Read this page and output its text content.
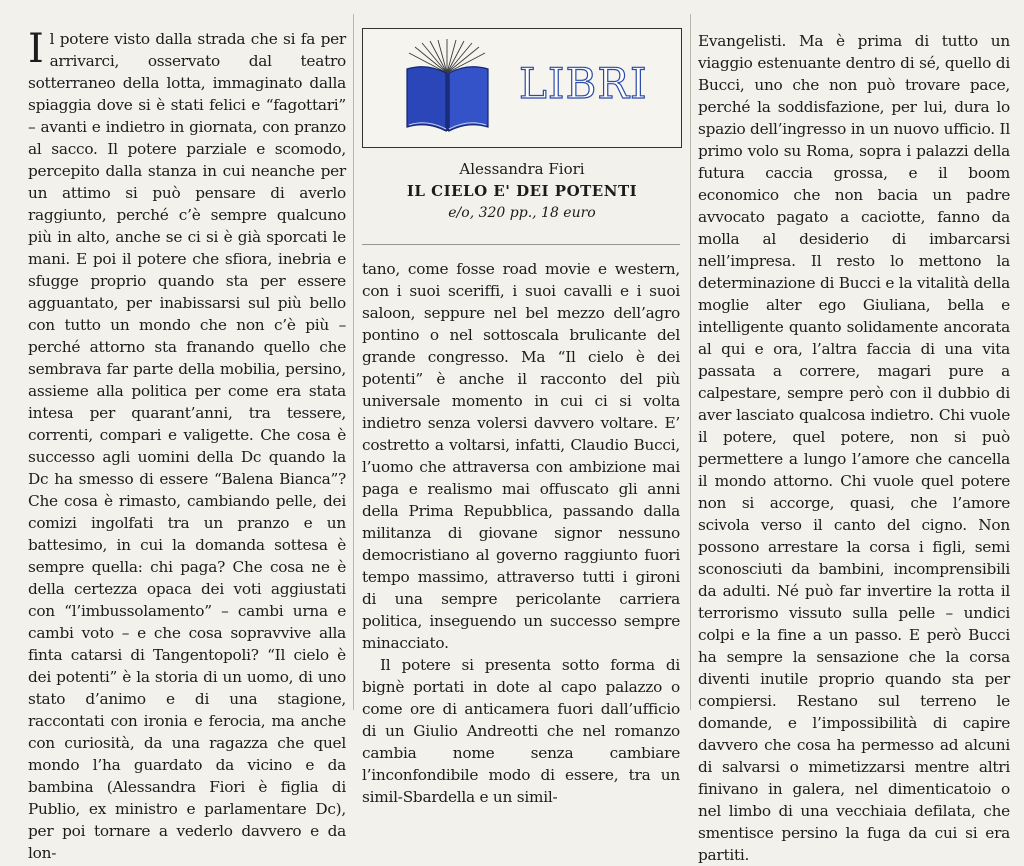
Il potere visto dalla strada che si fa per arrivarci, osservato dal teatro sotterraneo della lotta, immaginato dalla spiaggia dove si è stati felici e “fagottari” – avanti e indietro in giornata, con pranzo al sacco. Il potere parziale e scomodo, percepito dalla stanza in cui neanche per un attimo si può pensare di averlo raggiunto, perché c’è sempre qualcuno più in alto, anche se ci si è già sporcati le mani. E poi il potere che sfiora, inebria e sfugge proprio quando sta per essere agguantato, per inabissarsi sul più bello con tutto un mondo che non c’è più – perché attorno sta franando quello che sembrava far parte della mobilia, persino, assieme alla politica per come era stata intesa per quarant’anni, tra tessere, correnti, compari e valigette. Che cosa è successo agli uomini della Dc quando la Dc ha smesso di essere “Balena Bianca”? Che cosa è rimasto, cambiando pelle, dei comizi ingolfati tra un pranzo e un battesimo, in cui la domanda sottesa è sempre quella: chi paga? Che cosa ne è della certezza opaca dei voti aggiustati con “l’imbussolamento” – cambi urna e cambi voto – e che cosa sopravvive alla finta catarsi di Tangentopoli? “Il cielo è dei potenti” è la storia di un uomo, di uno stato d’animo e di una stagione, raccontati con ironia e ferocia, ma anche con curiosità, da una ragazza che quel mondo l’ha guardato da vicino e da bambina (Alessandra Fiori è figlia di Publio, ex ministro e parlamentare Dc), per poi tornare a vederlo davvero e da lon-

LIBRI
Alessandra Fiori
IL CIELO E' DEI POTENTI
e/o, 320 pp., 18 euro

tano, come fosse road movie e western, con i suoi sceriffi, i suoi cavalli e i suoi saloon, seppure nel bel mezzo dell’agro pontino o nel sottoscala brulicante del grande congresso. Ma “Il cielo è dei potenti” è anche il racconto del più universale momento in cui ci si volta indietro senza volersi davvero voltare. E’ costretto a voltarsi, infatti, Claudio Bucci, l’uomo che attraversa con ambizione mai paga e realismo mai offuscato gli anni della Prima Repubblica, passando dalla militanza di giovane signor nessuno democristiano al governo raggiunto fuori tempo massimo, attraverso tutti i gironi di una sempre pericolante carriera politica, inseguendo un successo sempre minacciato.

Il potere si presenta sotto forma di bignè portati in dote al capo palazzo o come ore di anticamera fuori dall’ufficio di un Giulio Andreotti che nel romanzo cambia nome senza cambiare l’inconfondibile modo di essere, tra un simil-Sbardella e un simil-

Evangelisti. Ma è prima di tutto un viaggio estenuante dentro di sé, quello di Bucci, uno che non può trovare pace, perché la soddisfazione, per lui, dura lo spazio dell’ingresso in un nuovo ufficio. Il primo volo su Roma, sopra i palazzi della futura caccia grossa, e il boom economico che non bacia un padre avvocato pagato a caciotte, fanno da molla al desiderio di imbarcarsi nell’impresa. Il resto lo mettono la determinazione di Bucci e la vitalità della moglie alter ego Giuliana, bella e intelligente quanto solidamente ancorata al qui e ora, l’altra faccia di una vita passata a correre, magari pure a calpestare, sempre però con il dubbio di aver lasciato qualcosa indietro. Chi vuole il potere, quel potere, non si può permettere a lungo l’amore che cancella il mondo attorno. Chi vuole quel potere non si accorge, quasi, che l’amore scivola verso il canto del cigno. Non possono arrestare la corsa i figli, semi sconosciuti da bambini, incomprensibili da adulti. Né può far invertire la rotta il terrorismo vissuto sulla pelle – undici colpi e la fine a un passo. E però Bucci ha sempre la sensazione che la corsa diventi inutile proprio quando sta per compiersi. Restano sul terreno le domande, e l’impossibilità di capire davvero che cosa ha permesso ad alcuni di salvarsi o mimetizzarsi mentre altri finivano in galera, nel dimenticatoio o nel limbo di una vecchiaia defilata, che smentisce persino la fuga da cui si era partiti.
